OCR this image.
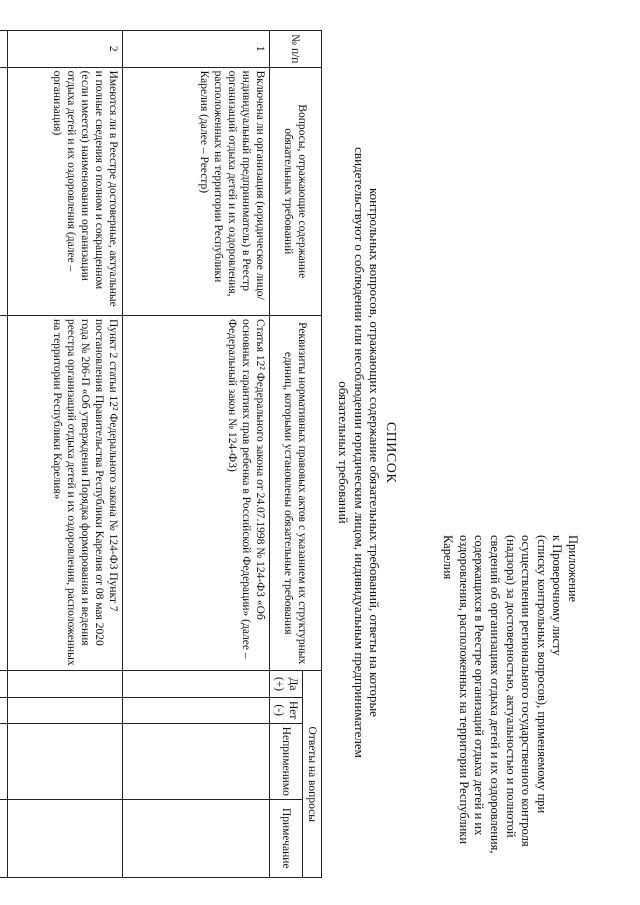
Приложение
к Проверочному листу
(списку контрольных вопросов), применяемому при
осуществлении регионального государственного контроля
(надзора) за достоверностью, актуальностью и полнотой
сведений об организациях отдыха детей и их оздоровления,
содержащихся в Реестре организаций отдыха детей и их
оздоровления, расположенных на территории Республики
Карелия
СПИСОК
контрольных вопросов, отражающих содержание обязательных требований, ответы на которые
свидетельствуют о соблюдении или несоблюдении юридическим лицом, индивидуальным предпринимателем
обязательных требований
№ п/п	Вопросы, отражающие содержание обязательных требований	Реквизиты нормативных правовых актов с указанием их структурных единиц, которыми установлены обязательные требования	Ответы на вопросы			
			Да (+)	Нет (-)	Неприменимо	Примечание
1	Включена ли организация (юридическое лицо/индивидуальный предприниматель) в Реестр организаций отдыха детей и их оздоровления, расположенных на территории Республики Карелия (далее – Реестр)	Статья 12² Федерального закона от 24.07.1998 № 124-ФЗ «Об основных гарантиях прав ребенка в Российской Федерации» (далее – Федеральный закон № 124-ФЗ)				
2	Имеются ли в Реестре достоверные, актуальные и полные сведения о полном и сокращенном (если имеется) наименовании организации отдыха детей и их оздоровления (далее – организация)	Пункт 2 статьи 12² Федерального закона № 124-ФЗ Пункт 7 постановления Правительства Республики Карелия от 08 мая 2020 года № 206-П «Об утверждении Порядка формирования и ведения реестра организаций отдыха детей и их оздоровления, расположенных на территории Республики Карелия»				
